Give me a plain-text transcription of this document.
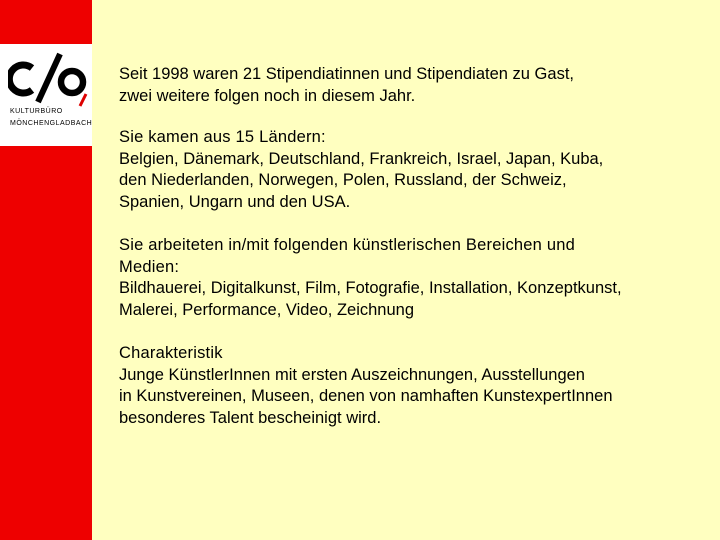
KULTURBÜRO
MÖNCHENGLADBACH
Seit 1998 waren 21 Stipendiatinnen und Stipendiaten zu Gast,
zwei weitere folgen noch in diesem Jahr.
Sie kamen aus 15 Ländern:
Belgien, Dänemark, Deutschland, Frankreich, Israel, Japan, Kuba,
den Niederlanden, Norwegen, Polen, Russland, der Schweiz,
Spanien, Ungarn und den USA.
Sie arbeiteten in/mit folgenden künstlerischen Bereichen und
Medien:
Bildhauerei, Digitalkunst, Film, Fotografie, Installation, Konzeptkunst,
Malerei, Performance, Video, Zeichnung
Charakteristik
Junge KünstlerInnen mit ersten Auszeichnungen, Ausstellungen
in Kunstvereinen, Museen, denen von namhaften KunstexpertInnen
besonderes Talent bescheinigt wird.
